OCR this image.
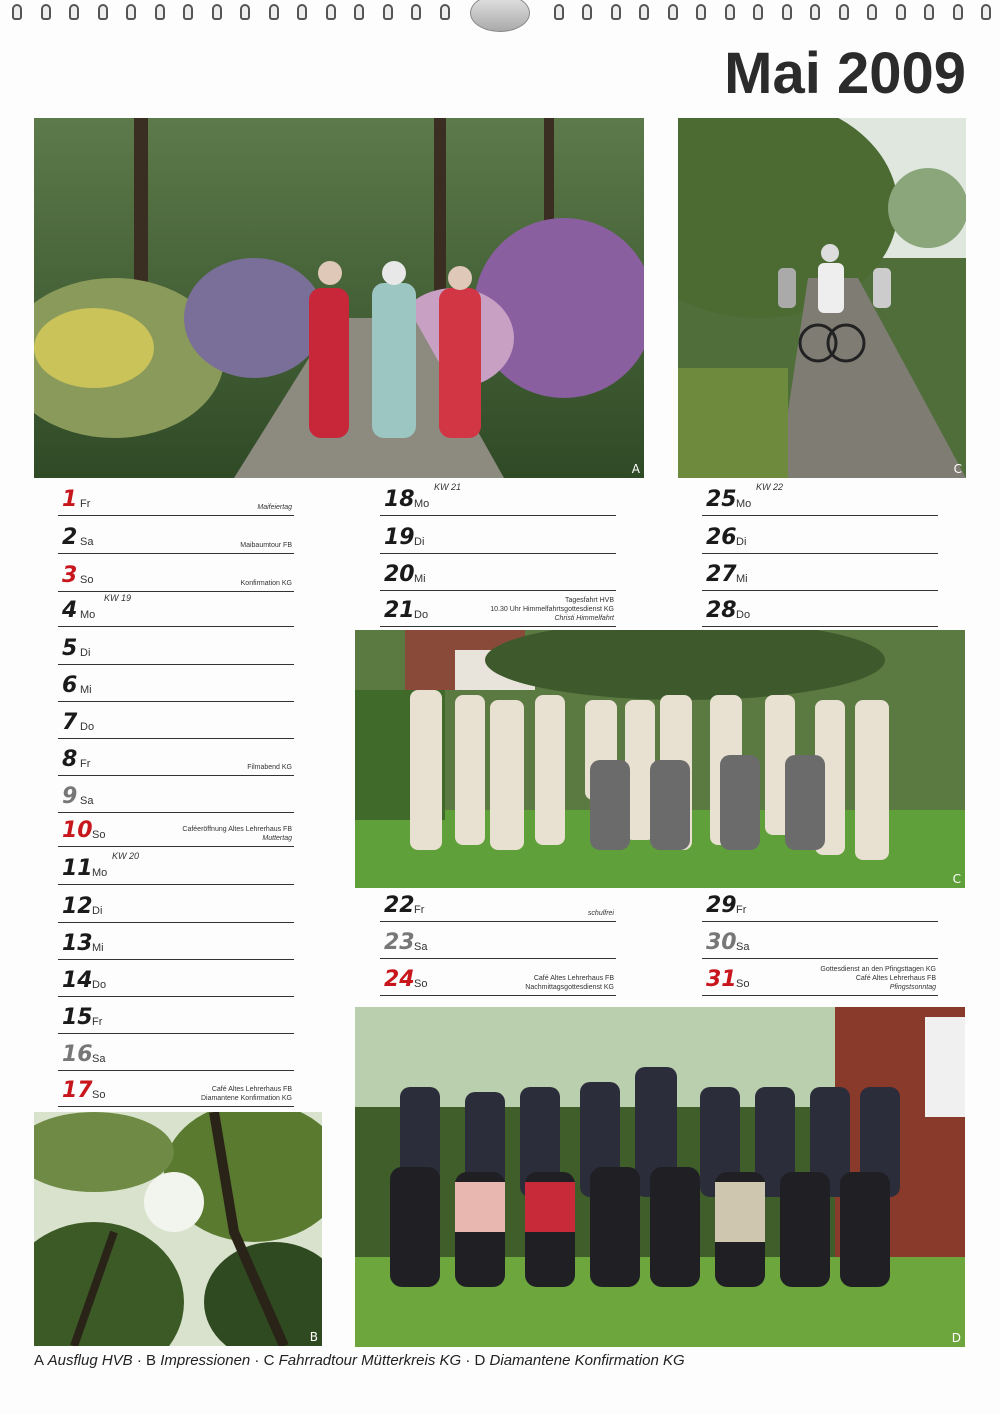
Mai 2009
A	C
C
B	D
1 Fr	Maifeiertag
2 Sa	Maibaumtour FB
3 So	Konfirmation KG
4 Mo
KW 19
5 Di
6 Mi
7 Do
8 Fr	Filmabend KG
9 Sa
10 So	Caféeröffnung Altes Lehrerhaus FB
Muttertag
11 Mo
KW 20
12 Di
13 Mi
14 Do
15 Fr
16 Sa
17 So	Café Altes Lehrerhaus FB
Diamantene Konfirmation KG
18 Mo
KW 21
19 Di
20 Mi
21 Do
Tagesfahrt HVB
10.30 Uhr Himmelfahrtsgottesdienst KG
Christi Himmelfahrt
22 Fr	schulfrei
23 Sa
24 So	Café Altes Lehrerhaus FB
Nachmittagsgottesdienst KG
25 Mo
KW 22
26 Di
27 Mi
28 Do
29 Fr
30 Sa
31 So
Gottesdienst an den Pfingsttagen KG
Café Altes Lehrerhaus FB
Pfingstsonntag
A Ausflug HVB · B Impressionen · C Fahrradtour Mütterkreis KG · D Diamantene Konfirmation KG
